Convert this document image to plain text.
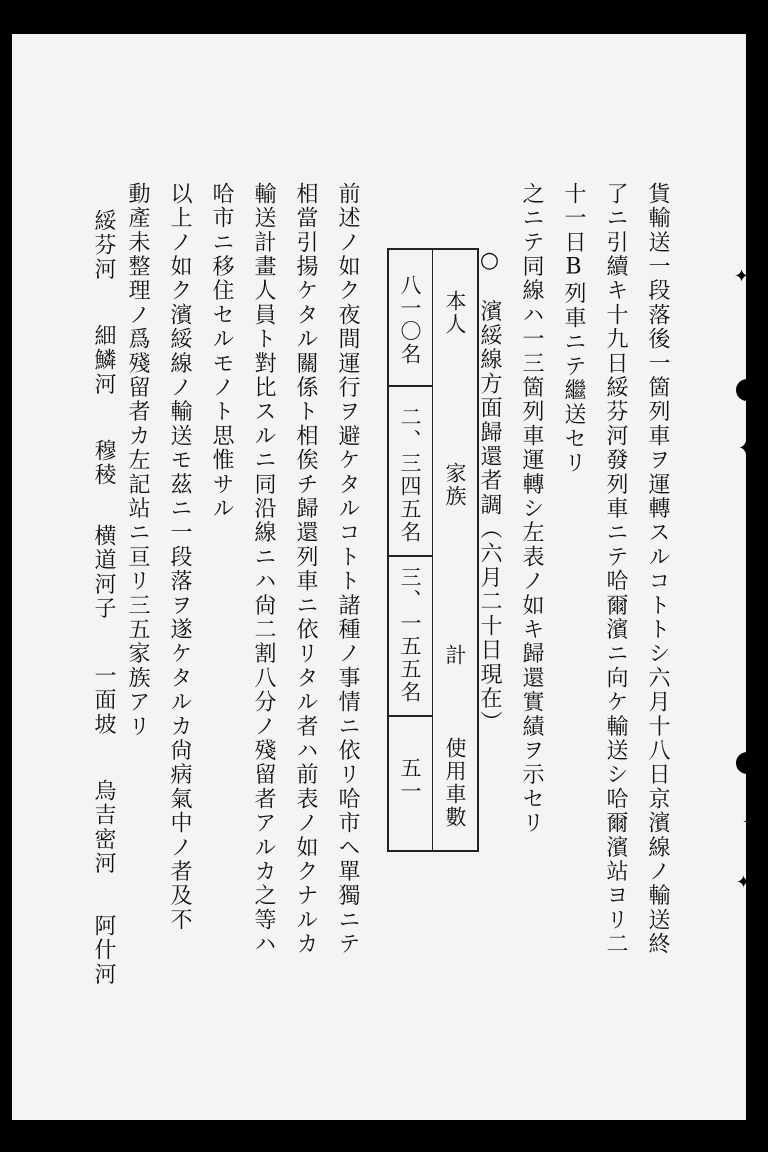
貨輸送一段落後一箇列車ヲ運轉スルコトトシ六月十八日京濱線ノ輸送終
了ニ引續キ十九日綏芬河發列車ニテ哈爾濱ニ向ケ輸送シ哈爾濱站ヨリ二
十一日B列車ニテ繼送セリ
之ニテ同線ハ一三箇列車運轉シ左表ノ如キ歸還實績ヲ示セリ
○　濱綏線方面歸還者調（六月二十日現在）
本人
家族
計
使用車數
八一〇名
二、三四五名
三、一五五名
五一
前述ノ如ク夜間運行ヲ避ケタルコトト諸種ノ事情ニ依リ哈市ヘ單獨ニテ
相當引揚ケタル關係ト相俟チ歸還列車ニ依リタル者ハ前表ノ如クナルカ
輸送計畫人員ト對比スルニ同沿線ニハ尙二割八分ノ殘留者アルカ之等ハ
哈市ニ移住セルモノト思惟サル
以上ノ如ク濱綏線ノ輸送モ茲ニ一段落ヲ遂ケタルカ尙病氣中ノ者及不
動產未整理ノ爲殘留者カ左記站ニ亘リ三五家族アリ
綏芬河
細鱗河
穆稜
横道河子
一面坡
烏吉密河
阿什河
✦
✦
✦
✦
